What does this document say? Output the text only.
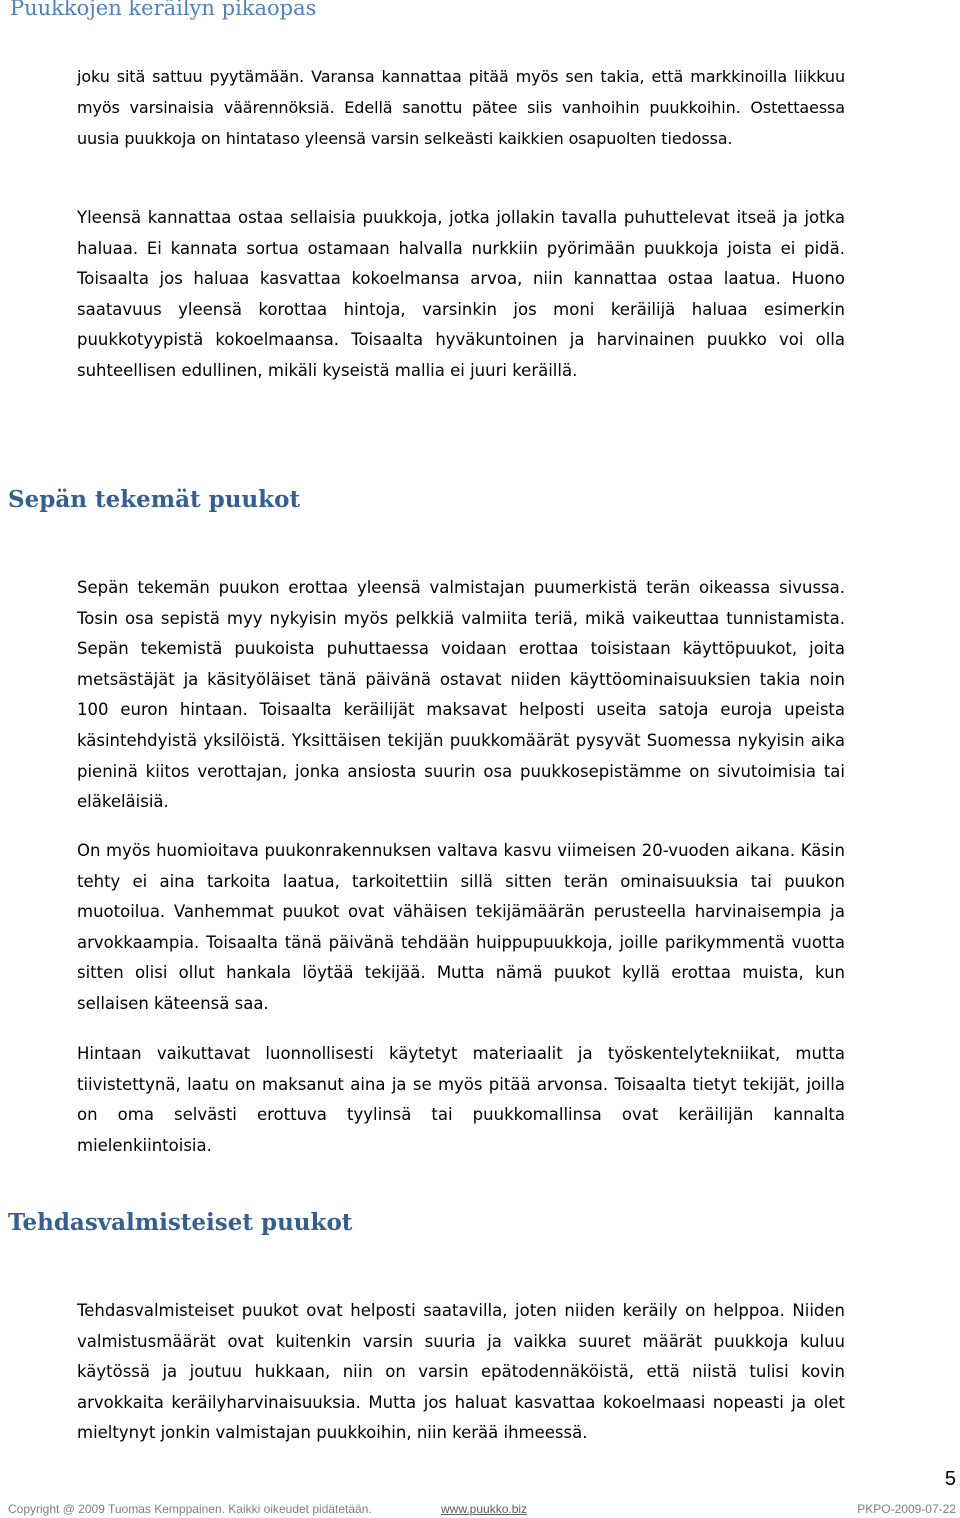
Puukkojen keräilyn pikaopas

joku sitä sattuu pyytämään. Varansa kannattaa pitää myös sen takia, että markkinoilla liikkuu myös varsinaisia väärennöksiä. Edellä sanottu pätee siis vanhoihin puukkoihin. Ostettaessa uusia puukkoja on hintataso yleensä varsin selkeästi kaikkien osapuolten tiedossa.

Yleensä kannattaa ostaa sellaisia puukkoja, jotka jollakin tavalla puhuttelevat itseä ja jotka haluaa. Ei kannata sortua ostamaan halvalla nurkkiin pyörimään puukkoja joista ei pidä. Toisaalta jos haluaa kasvattaa kokoelmansa arvoa, niin kannattaa ostaa laatua. Huono saatavuus yleensä korottaa hintoja, varsinkin jos moni keräilijä haluaa esimerkin puukkotyypistä kokoelmaansa. Toisaalta hyväkuntoinen ja harvinainen puukko voi olla suhteellisen edullinen, mikäli kyseistä mallia ei juuri keräillä.

Sepän tekemät puukot

Sepän tekemän puukon erottaa yleensä valmistajan puumerkistä terän oikeassa sivussa. Tosin osa sepistä myy nykyisin myös pelkkiä valmiita teriä, mikä vaikeuttaa tunnistamista. Sepän tekemistä puukoista puhuttaessa voidaan erottaa toisistaan käyttöpuukot, joita metsästäjät ja käsityöläiset tänä päivänä ostavat niiden käyttöominaisuuksien takia noin 100 euron hintaan. Toisaalta keräilijät maksavat helposti useita satoja euroja upeista käsintehdyistä yksilöistä. Yksittäisen tekijän puukkomäärät pysyvät Suomessa nykyisin aika pieninä kiitos verottajan, jonka ansiosta suurin osa puukkosepistämme on sivutoimisia tai eläkeläisiä.

On myös huomioitava puukonrakennuksen valtava kasvu viimeisen 20-vuoden aikana. Käsin tehty ei aina tarkoita laatua, tarkoitettiin sillä sitten terän ominaisuuksia tai puukon muotoilua. Vanhemmat puukot ovat vähäisen tekijämäärän perusteella harvinaisempia ja arvokkaampia. Toisaalta tänä päivänä tehdään huippupuukkoja, joille parikymmentä vuotta sitten olisi ollut hankala löytää tekijää. Mutta nämä puukot kyllä erottaa muista, kun sellaisen käteensä saa.

Hintaan vaikuttavat luonnollisesti käytetyt materiaalit ja työskentelytekniikat, mutta tiivistettynä, laatu on maksanut aina ja se myös pitää arvonsa. Toisaalta tietyt tekijät, joilla on oma selvästi erottuva tyylinsä tai puukkomallinsa ovat keräilijän kannalta mielenkiintoisia.

Tehdasvalmisteiset puukot

Tehdasvalmisteiset puukot ovat helposti saatavilla, joten niiden keräily on helppoa. Niiden valmistusmäärät ovat kuitenkin varsin suuria ja vaikka suuret määrät puukkoja kuluu käytössä ja joutuu hukkaan, niin on varsin epätodennäköistä, että niistä tulisi kovin arvokkaita keräilyharvinaisuuksia. Mutta jos haluat kasvattaa kokoelmaasi nopeasti ja olet mieltynyt jonkin valmistajan puukkoihin, niin kerää ihmeessä.

5

Copyright @ 2009 Tuomas Kemppainen. Kaikki oikeudet pidätetään.	www.puukko.biz	PKPO-2009-07-22
